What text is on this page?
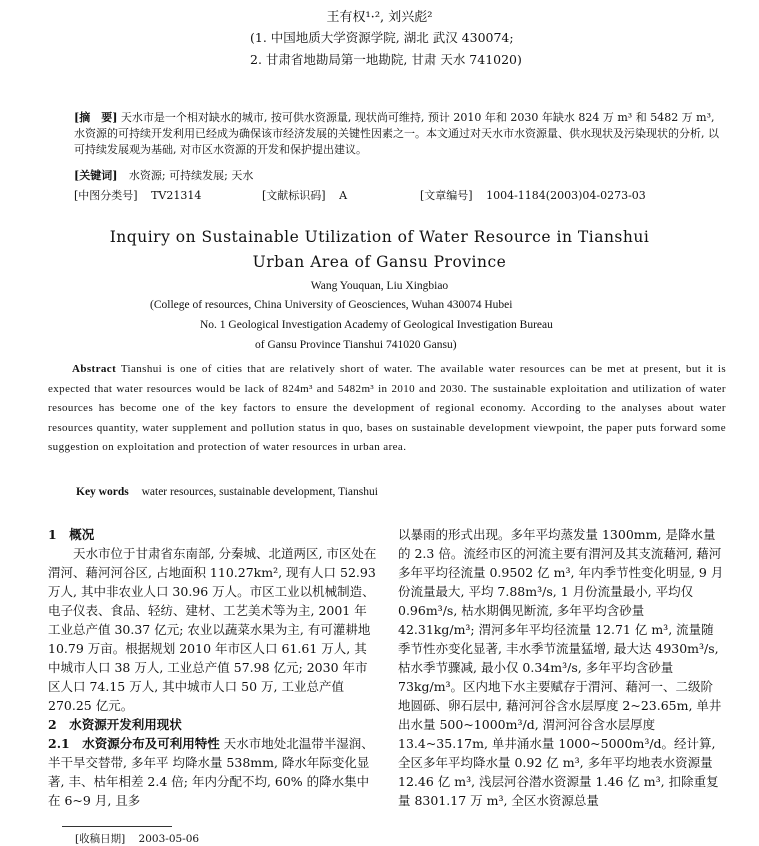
王有权¹·², 刘兴彪²
(1. 中国地质大学资源学院, 湖北 武汉 430074;
2. 甘肃省地勘局第一地勘院, 甘肃 天水 741020)
[摘　要] 天水市是一个相对缺水的城市, 按可供水资源量, 现状尚可维持, 预计 2010 年和 2030 年缺水 824 万 m³ 和 5482 万 m³, 水资源的可持续开发利用已经成为确保该市经济发展的关键性因素之一。本文通过对天水市水资源量、供水现状及污染现状的分析, 以可持续发展观为基础, 对市区水资源的开发和保护提出建议。
[关键词] 水资源; 可持续发展; 天水
[中图分类号] TV21314	[文献标识码] A	[文章编号] 1004-1184(2003)04-0273-03
Inquiry on Sustainable Utilization of Water Resource in Tianshui
Urban Area of Gansu Province
Wang Youquan, Liu Xingbiao
(College of resources, China University of Geosciences, Wuhan 430074 Hubei
No. 1 Geological Investigation Academy of Geological Investigation Bureau
of Gansu Province Tianshui 741020 Gansu)
Abstract Tianshui is one of cities that are relatively short of water. The available water resources can be met at present, but it is expected that water resources would be lack of 824m³ and 5482m³ in 2010 and 2030. The sustainable exploitation and utilization of water resources has become one of the key factors to ensure the development of regional economy. According to the analyses about water resources quantity, water supplement and pollution status in quo, bases on sustainable development viewpoint, the paper puts forward some suggestion on exploitation and protection of water resources in urban area.
Key words water resources, sustainable development, Tianshui

1　概况

天水市位于甘肃省东南部, 分秦城、北道两区, 市区处在渭河、藉河河谷区, 占地面积 110.27km², 现有人口 52.93 万人, 其中非农业人口 30.96 万人。市区工业以机械制造、电子仪表、食品、轻纺、建材、工艺美术等为主, 2001 年工业总产值 30.37 亿元; 农业以蔬菜水果为主, 有可灌耕地 10.79 万亩。根据规划 2010 年市区人口 61.61 万人, 其中城市人口 38 万人, 工业总产值 57.98 亿元; 2030 年市区人口 74.15 万人, 其中城市人口 50 万, 工业总产值 270.25 亿元。

2　水资源开发利用现状

2.1　水资源分布及可利用特性 天水市地处北温带半湿润、半干旱交替带, 多年平 均降水量 538mm, 降水年际变化显著, 丰、枯年相差 2.4 倍; 年内分配不均, 60% 的降水集中在 6~9 月, 且多

以暴雨的形式出现。多年平均蒸发量 1300mm, 是降水量的 2.3 倍。流经市区的河流主要有渭河及其支流藉河, 藉河多年平均径流量 0.9502 亿 m³, 年内季节性变化明显, 9 月份流量最大, 平均 7.88m³/s, 1 月份流量最小, 平均仅 0.96m³/s, 枯水期偶见断流, 多年平均含砂量 42.31kg/m³; 渭河多年平均径流量 12.71 亿 m³, 流量随季节性亦变化显著, 丰水季节流量猛增, 最大达 4930m³/s, 枯水季节骤减, 最小仅 0.34m³/s, 多年平均含砂量 73kg/m³。区内地下水主要赋存于渭河、藉河一、二级阶地圆砾、卵石层中, 藉河河谷含水层厚度 2~23.65m, 单井出水量 500~1000m³/d, 渭河河谷含水层厚度 13.4~35.17m, 单井涌水量 1000~5000m³/d。经计算, 全区多年平均降水量 0.92 亿 m³, 多年平均地表水资源量 12.46 亿 m³, 浅层河谷潜水资源量 1.46 亿 m³, 扣除重复量 8301.17 万 m³, 全区水资源总量

[收稿日期] 2003-05-06
